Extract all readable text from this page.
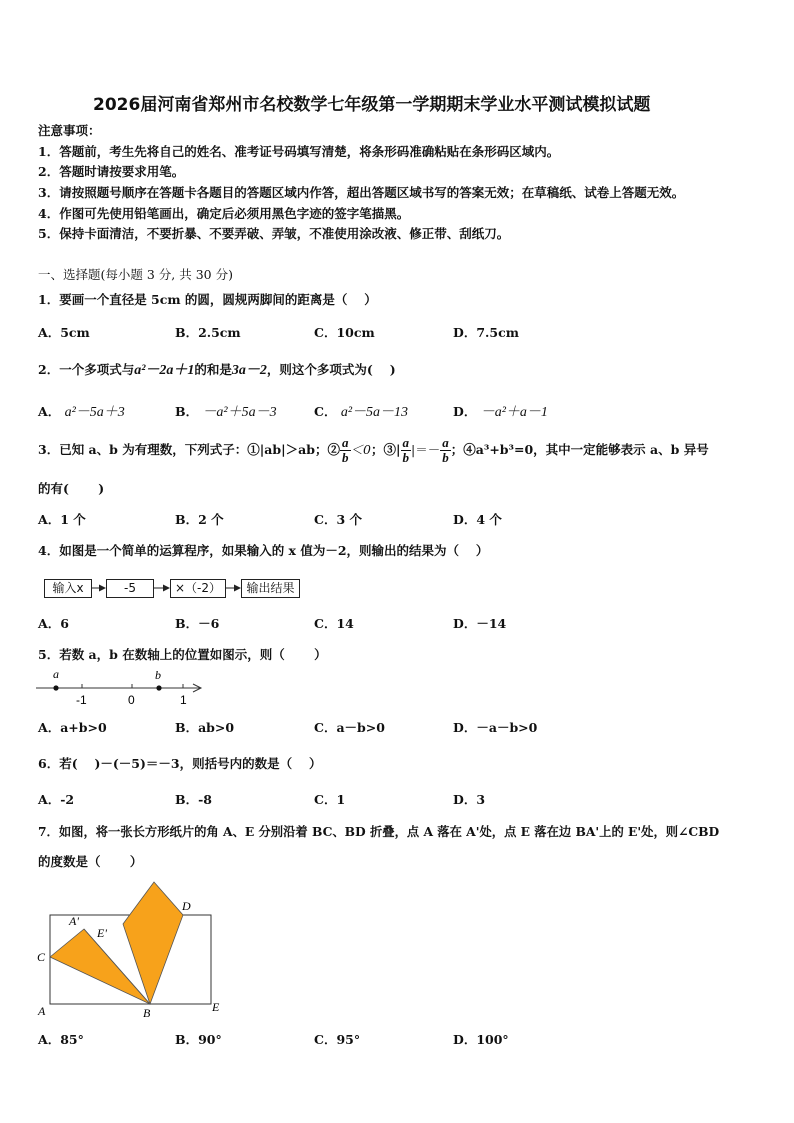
2026届河南省郑州市名校数学七年级第一学期期末学业水平测试模拟试题
注意事项：
1．答题前，考生先将自己的姓名、准考证号码填写清楚，将条形码准确粘贴在条形码区域内。
2．答题时请按要求用笔。
3．请按照题号顺序在答题卡各题目的答题区域内作答，超出答题区域书写的答案无效；在草稿纸、试卷上答题无效。
4．作图可先使用铅笔画出，确定后必须用黑色字迹的签字笔描黑。
5．保持卡面清洁，不要折暴、不要弄破、弄皱，不准使用涂改液、修正带、刮纸刀。
一、选择题(每小题 3 分, 共 30 分)
1．要画一个直径是 5cm 的圆，圆规两脚间的距离是（　 ）
A．5cm	B．2.5cm	C．10cm	D．7.5cm
2．一个多项式与a²－2a＋1的和是3a－2，则这个多项式为(　 )
A． a²－5a＋3	B． －a²＋5a－3	C． a²－5a－13	D． －a²＋a－1
3．已知 a、b 为有理数，下列式子：①|ab|＞ab；② $\frac{a}{b} <0$；③| $\frac{a}{b}$ |＝－ $\frac{a}{b}$ ；④a³+b³=0，其中一定能够表示 a、b 异号
的有(　 　)
A．1 个	B．2 个	C．3 个	D．4 个
4．如图是一个简单的运算程序，如果输入的 x 值为－2，则输出的结果为（　 ）
输入x	-5	×（-2）	输出结果
A．6	B．－6	C．14	D．－14
5．若数 a，b 在数轴上的位置如图示，则（　 　）
a	b
-1	0	1
A．a+b>0	B．ab>0	C．a－b>0	D．－a－b>0
6．若(　 )－(－5)＝－3，则括号内的数是（　 ）
A．-2	B．-8	C．1	D．3
7．如图，将一张长方形纸片的角 A、E 分别沿着 BC、BD 折叠，点 A 落在 A'处，点 E 落在边 BA'上的 E'处，则∠CBD
的度数是（　 　）
A'
E'
C
D
A	B	E
A．85°	B．90°	C．95°	D．100°
